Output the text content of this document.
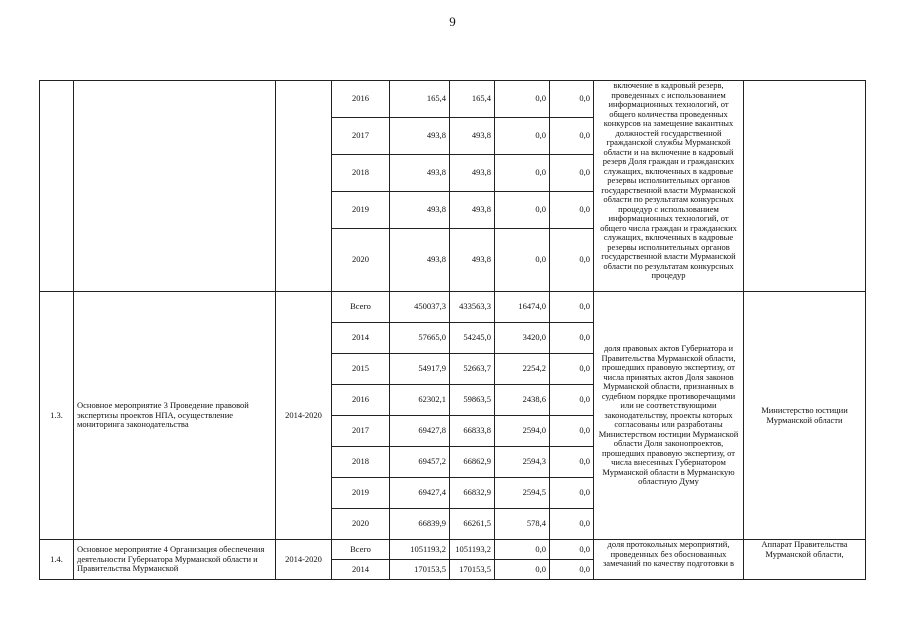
9
			2016	165,4	165,4	0,0	0,0	включение в кадровый резерв, проведенных с использованием информационных технологий, от общего количества проведенных конкурсов на замещение вакантных должностей государственной гражданской службы Мурманской области и на включение в кадровый резерв Доля граждан и гражданских служащих, включенных в кадровые резервы исполнительных органов государственной власти Мурманской области по результатам конкурсных процедур с использованием информационных технологий, от общего числа граждан и гражданских служащих, включенных в кадровые резервы исполнительных органов государственной власти Мурманской области по результатам конкурсных процедур	

			2017	493,8	493,8	0,0	0,0		
			2018	493,8	493,8	0,0	0,0		
			2019	493,8	493,8	0,0	0,0		
			2020	493,8	493,8	0,0	0,0		
1.3.	Основное мероприятие 3 Проведение правовой экспертизы проектов НПА, осуществление мониторинга законодательства	2014-2020	Всего	450037,3	433563,3	16474,0	0,0	доля правовых актов Губернатора и Правительства Мурманской области, прошедших правовую экспертизу, от числа принятых актов Доля законов Мурманской области, признанных в судебном порядке противоречащими или не соответствующими законодательству, проекты которых согласованы или разработаны Министерством юстиции Мурманской области Доля законопроектов, прошедших правовую экспертизу, от числа внесенных Губернатором Мурманской области в Мурманскую областную Думу	Министерство юстиции Мурманской области
			2014	57665,0	54245,0	3420,0	0,0		
			2015	54917,9	52663,7	2254,2	0,0		
			2016	62302,1	59863,5	2438,6	0,0		
			2017	69427,8	66833,8	2594,0	0,0		
			2018	69457,2	66862,9	2594,3	0,0		
			2019	69427,4	66832,9	2594,5	0,0		
			2020	66839,9	66261,5	578,4	0,0		
1.4.	Основное мероприятие 4 Организация обеспечения деятельности Губернатора Мурманской области и Правительства Мурманской	2014-2020	Всего	1051193,2	1051193,2	0,0	0,0	доля протокольных мероприятий, проведенных без обоснованных замечаний по качеству подготовки в	Аппарат Правительства Мурманской области,
			2014	170153,5	170153,5	0,0	0,0		
